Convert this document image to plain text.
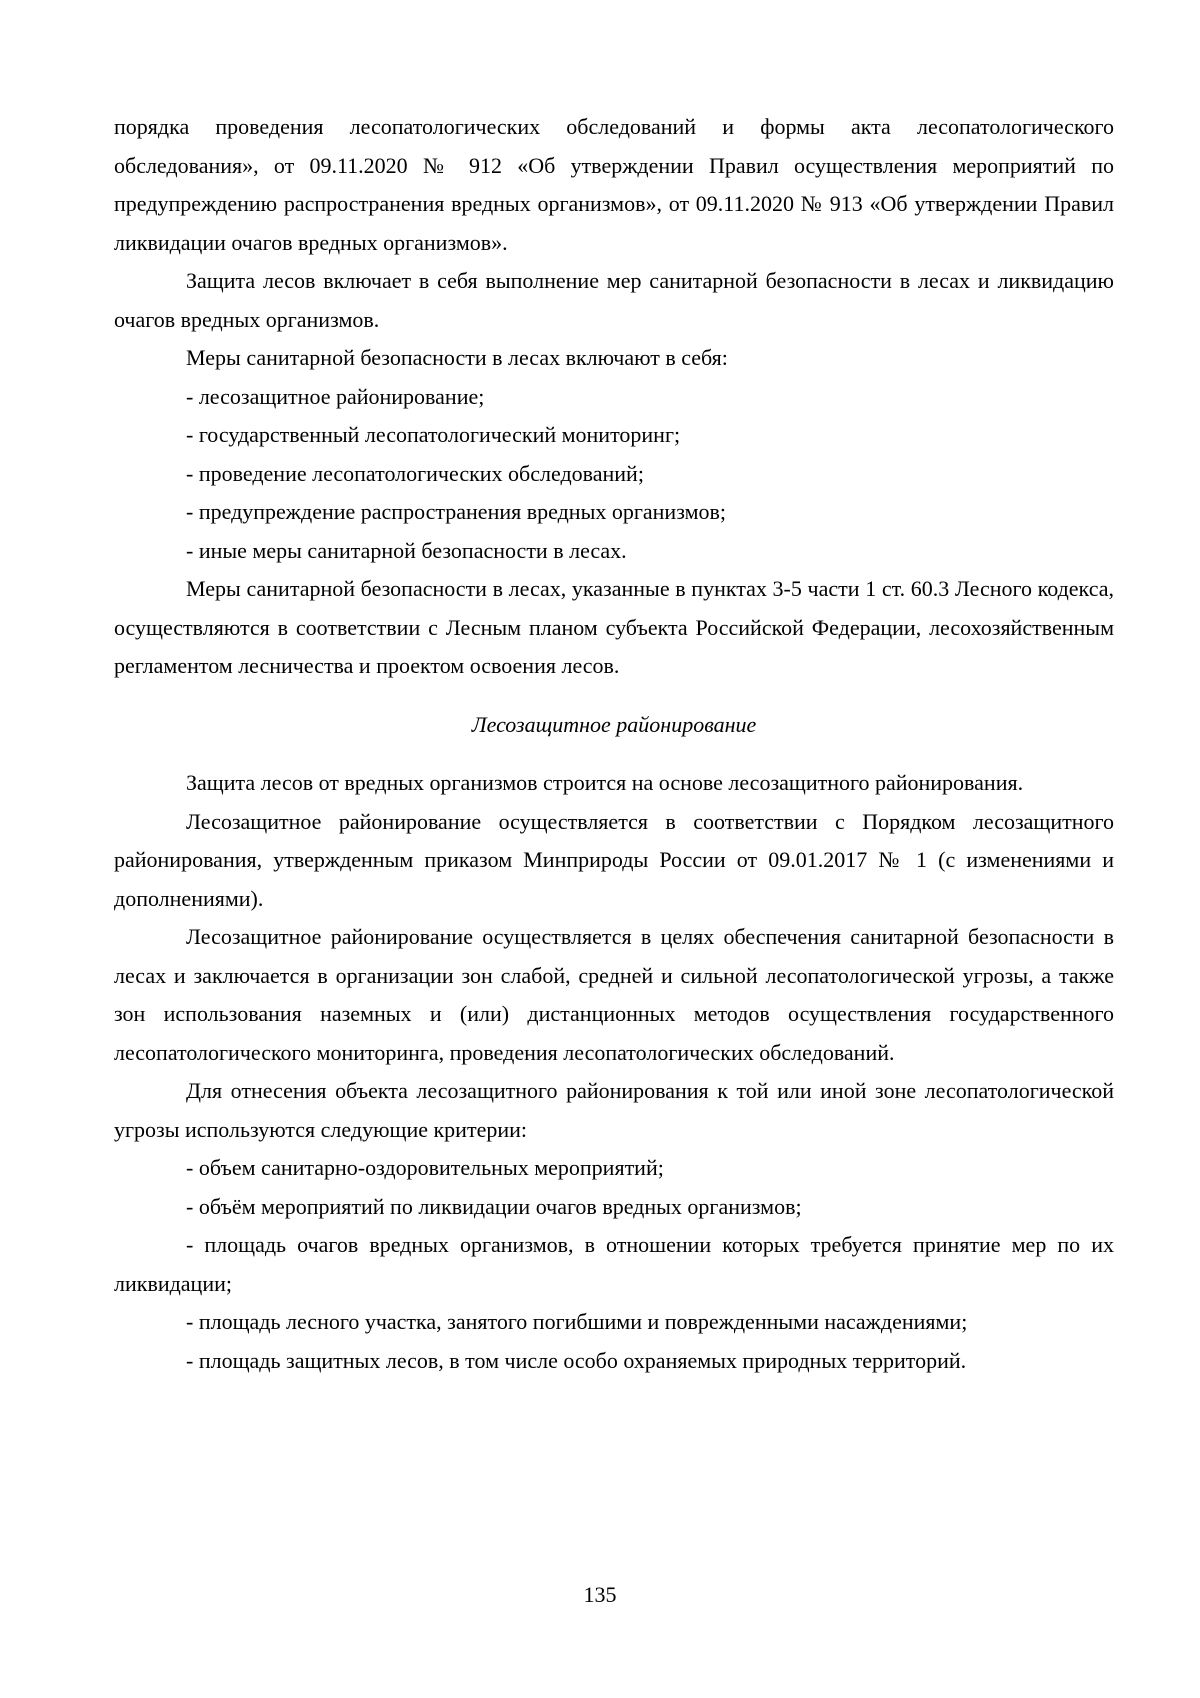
порядка проведения лесопатологических обследований и формы акта лесопатологического обследования», от 09.11.2020 № 912 «Об утверждении Правил осуществления мероприятий по предупреждению распространения вредных организмов», от 09.11.2020 № 913 «Об утверждении Правил ликвидации очагов вредных организмов».

Защита лесов включает в себя выполнение мер санитарной безопасности в лесах и ликвидацию очагов вредных организмов.

Меры санитарной безопасности в лесах включают в себя:

- лесозащитное районирование;

- государственный лесопатологический мониторинг;

- проведение лесопатологических обследований;

- предупреждение распространения вредных организмов;

- иные меры санитарной безопасности в лесах.

Меры санитарной безопасности в лесах, указанные в пунктах 3-5 части 1 ст. 60.3 Лесного кодекса, осуществляются в соответствии с Лесным планом субъекта Российской Федерации, лесохозяйственным регламентом лесничества и проектом освоения лесов.

Лесозащитное районирование

Защита лесов от вредных организмов строится на основе лесозащитного районирования.

Лесозащитное районирование осуществляется в соответствии с Порядком лесозащитного районирования, утвержденным приказом Минприроды России от 09.01.2017 № 1 (с изменениями и дополнениями).

Лесозащитное районирование осуществляется в целях обеспечения санитарной безопасности в лесах и заключается в организации зон слабой, средней и сильной лесопатологической угрозы, а также зон использования наземных и (или) дистанционных методов осуществления государственного лесопатологического мониторинга, проведения лесопатологических обследований.

Для отнесения объекта лесозащитного районирования к той или иной зоне лесопатологической угрозы используются следующие критерии:

- объем санитарно-оздоровительных мероприятий;

- объём мероприятий по ликвидации очагов вредных организмов;

- площадь очагов вредных организмов, в отношении которых требуется принятие мер по их ликвидации;

- площадь лесного участка, занятого погибшими и поврежденными насаждениями;

- площадь защитных лесов, в том числе особо охраняемых природных территорий.

135
